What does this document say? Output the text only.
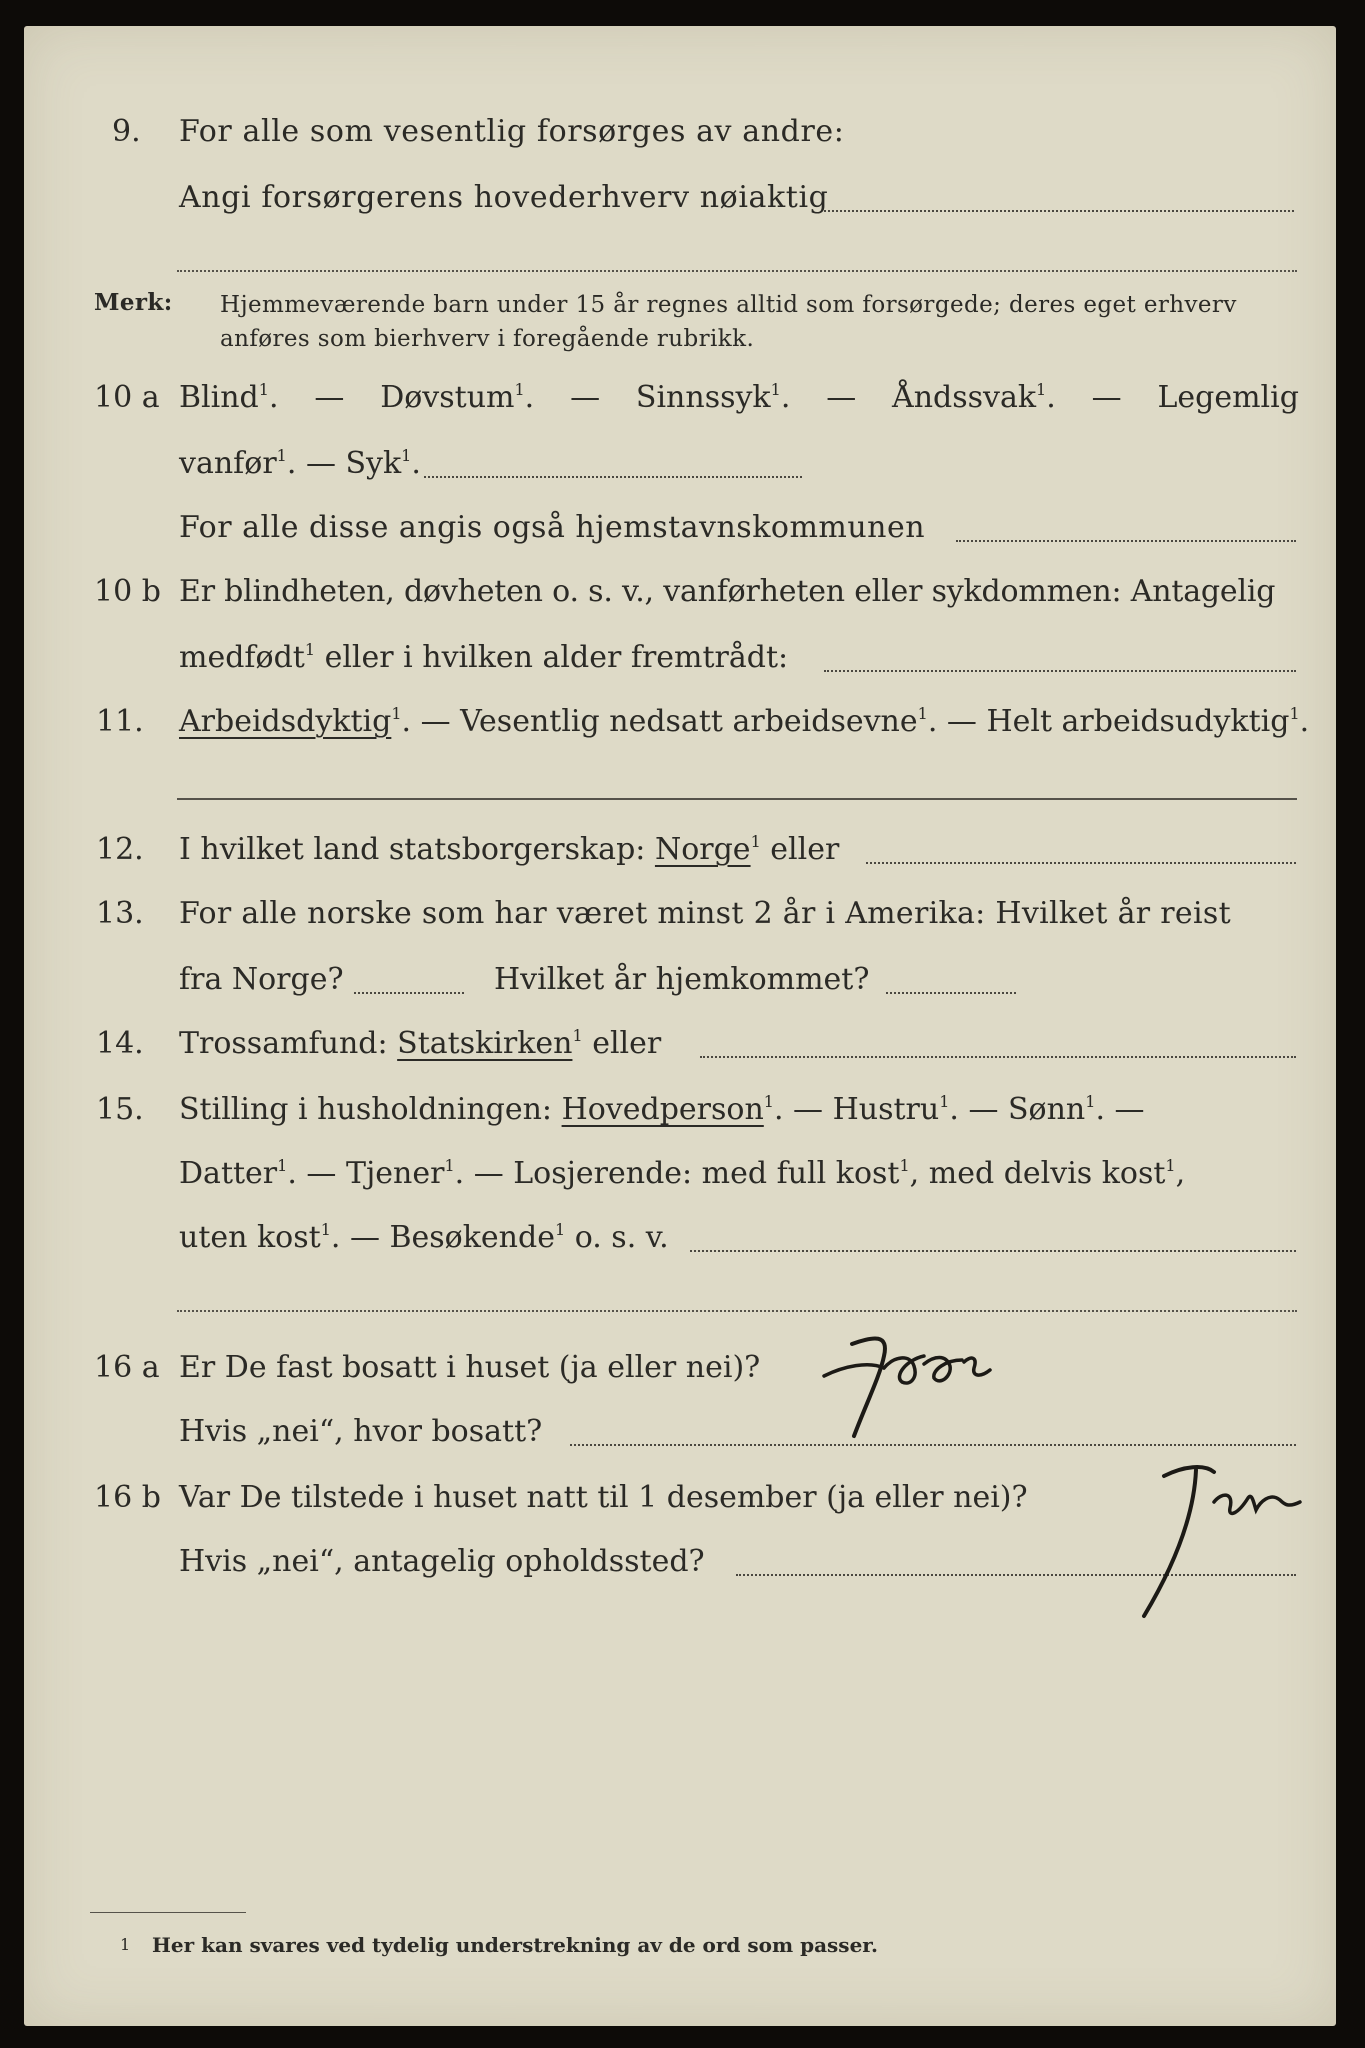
9. For alle som vesentlig forsørges av andre:
Angi forsørgerens hovederhverv nøiaktig
Merk: Hjemmeværende barn under 15 år regnes alltid som forsørgede; deres eget erhverv
anføres som bierhverv i foregående rubrikk.
10 a Blind$^1$. — Døvstum$^1$. — Sinnssyk$^1$. — Åndssvak$^1$. — Legemlig
vanfør$^1$. — Syk$^1$.
For alle disse angis også hjemstavnskommunen
10 b Er blindheten, døvheten o. s. v., vanførheten eller sykdommen: Antagelig
medfødt$^1$ eller i hvilken alder fremtrådt:
11. Arbeidsdyktig$^1$. — Vesentlig nedsatt arbeidsevne$^1$. — Helt arbeidsudyktig$^1$.
12. I hvilket land statsborgerskap: Norge$^1$ eller
13. For alle norske som har været minst 2 år i Amerika: Hvilket år reist
fra Norge?	Hvilket år hjemkommet?
14. Trossamfund: Statskirken$^1$ eller
15. Stilling i husholdningen: Hovedperson$^1$. — Hustru$^1$. — Sønn$^1$. —
Datter$^1$. — Tjener$^1$. — Losjerende: med full kost$^1$, med delvis kost$^1$,
uten kost$^1$. — Besøkende$^1$ o. s. v.
16 a Er De fast bosatt i huset (ja eller nei)?
Hvis „nei“, hvor bosatt?
Nei
16 b Var De tilstede i huset natt til 1 desember (ja eller nei)?
Hvis „nei“, antagelig opholdssted?
Ja
1 Her kan svares ved tydelig understrekning av de ord som passer.
